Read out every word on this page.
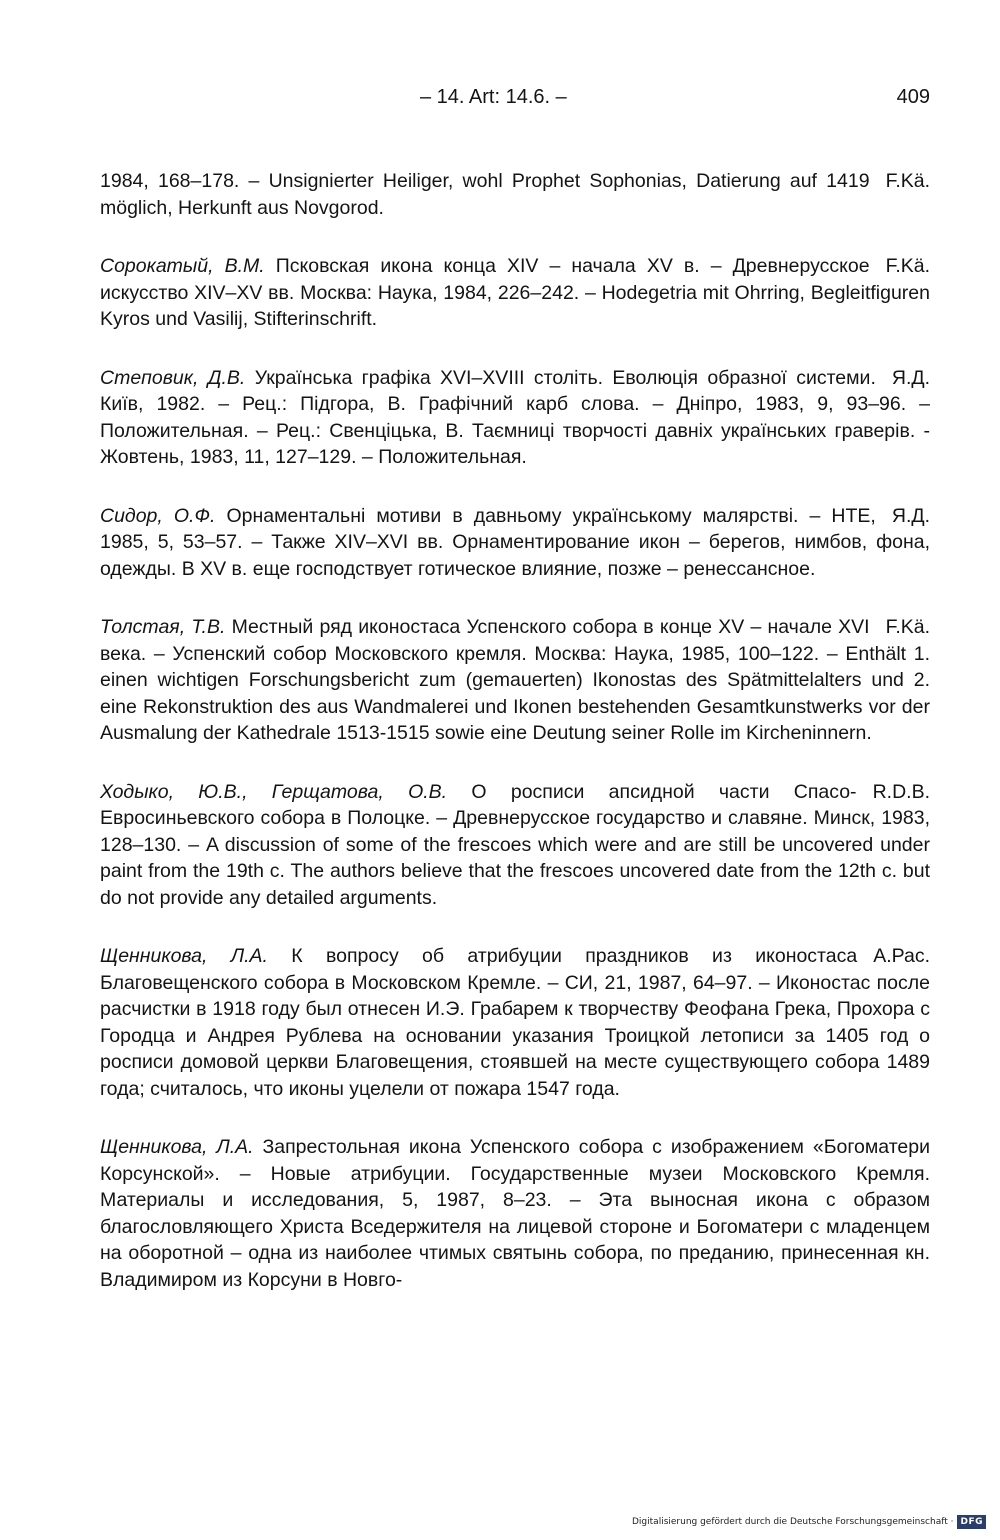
– 14. Art: 14.6. –	409

F.Kä.
1984, 168–178. – Unsignierter Heiliger, wohl Prophet Sophonias, Datierung auf 1419 möglich, Herkunft aus Novgorod.

F.Kä.
Сорокатый, В.М. Псковская икона конца XIV – начала XV в. – Древнерусское искусство XIV–XV вв. Москва: Наука, 1984, 226–242. – Hodegetria mit Ohrring, Begleitfiguren Kyros und Vasilij, Stifterinschrift.

Я.Д.
Степовик, Д.В. Українська графіка XVI–XVIII століть. Еволюція образної системи. Київ, 1982. – Рец.: Підгора, В. Графічний карб слова. – Дніпро, 1983, 9, 93–96. – Положительная. – Рец.: Свенціцька, В. Таємниці творчості давніх українських граверів. - Жовтень, 1983, 11, 127–129. – Положительная.

Я.Д.
Сидор, О.Ф. Орнаментальні мотиви в давньому українському малярстві. – НТЕ, 1985, 5, 53–57. – Также XIV–XVI вв. Орнаментирование икон – берегов, нимбов, фона, одежды. В XV в. еще господствует готическое влияние, позже – ренессансное.

F.Kä.
Толстая, Т.В. Местный ряд иконостаса Успенского собора в конце XV – начале XVI века. – Успенский собор Московского кремля. Москва: Наука, 1985, 100–122. – Enthält 1. einen wichtigen Forschungsbericht zum (gemauerten) Ikonostas des Spätmittelalters und 2. eine Rekonstruktion des aus Wandmalerei und Ikonen bestehenden Gesamtkunstwerks vor der Ausmalung der Kathedrale 1513-1515 sowie eine Deutung seiner Rolle im Kircheninnern.

R.D.B.
Ходыко, Ю.В., Герщатова, О.В. О росписи апсидной части Спасо-Евросиньевского собора в Полоцке. – Древнерусское государство и славяне. Минск, 1983, 128–130. – A discussion of some of the frescoes which were and are still be uncovered under paint from the 19th c. The authors believe that the frescoes uncovered date from the 12th c. but do not provide any detailed arguments.

А.Рас.
Щенникова, Л.А. К вопросу об атрибуции праздников из иконостаса Благовещенского собора в Московском Кремле. – СИ, 21, 1987, 64–97. – Иконостас после расчистки в 1918 году был отнесен И.Э. Грабарем к творчеству Феофана Грека, Прохора с Городца и Андрея Рублева на основании указания Троицкой летописи за 1405 год о росписи домовой церкви Благовещения, стоявшей на месте существующего собора 1489 года; считалось, что иконы уцелели от пожара 1547 года.

Щенникова, Л.А. Запрестольная икона Успенского собора с изображением «Богоматери Корсунской». – Новые атрибуции. Государственные музеи Московского Кремля. Материалы и исследования, 5, 1987, 8–23. – Эта выносная икона с образом благословляющего Христа Вседержителя на лицевой стороне и Богоматери с младенцем на оборотной – одна из наиболее чтимых святынь собора, по преданию, принесенная кн. Владимиром из Корсуни в Новго-

Digitalisierung gefördert durch die Deutsche Forschungsgemeinschaft · DFG
